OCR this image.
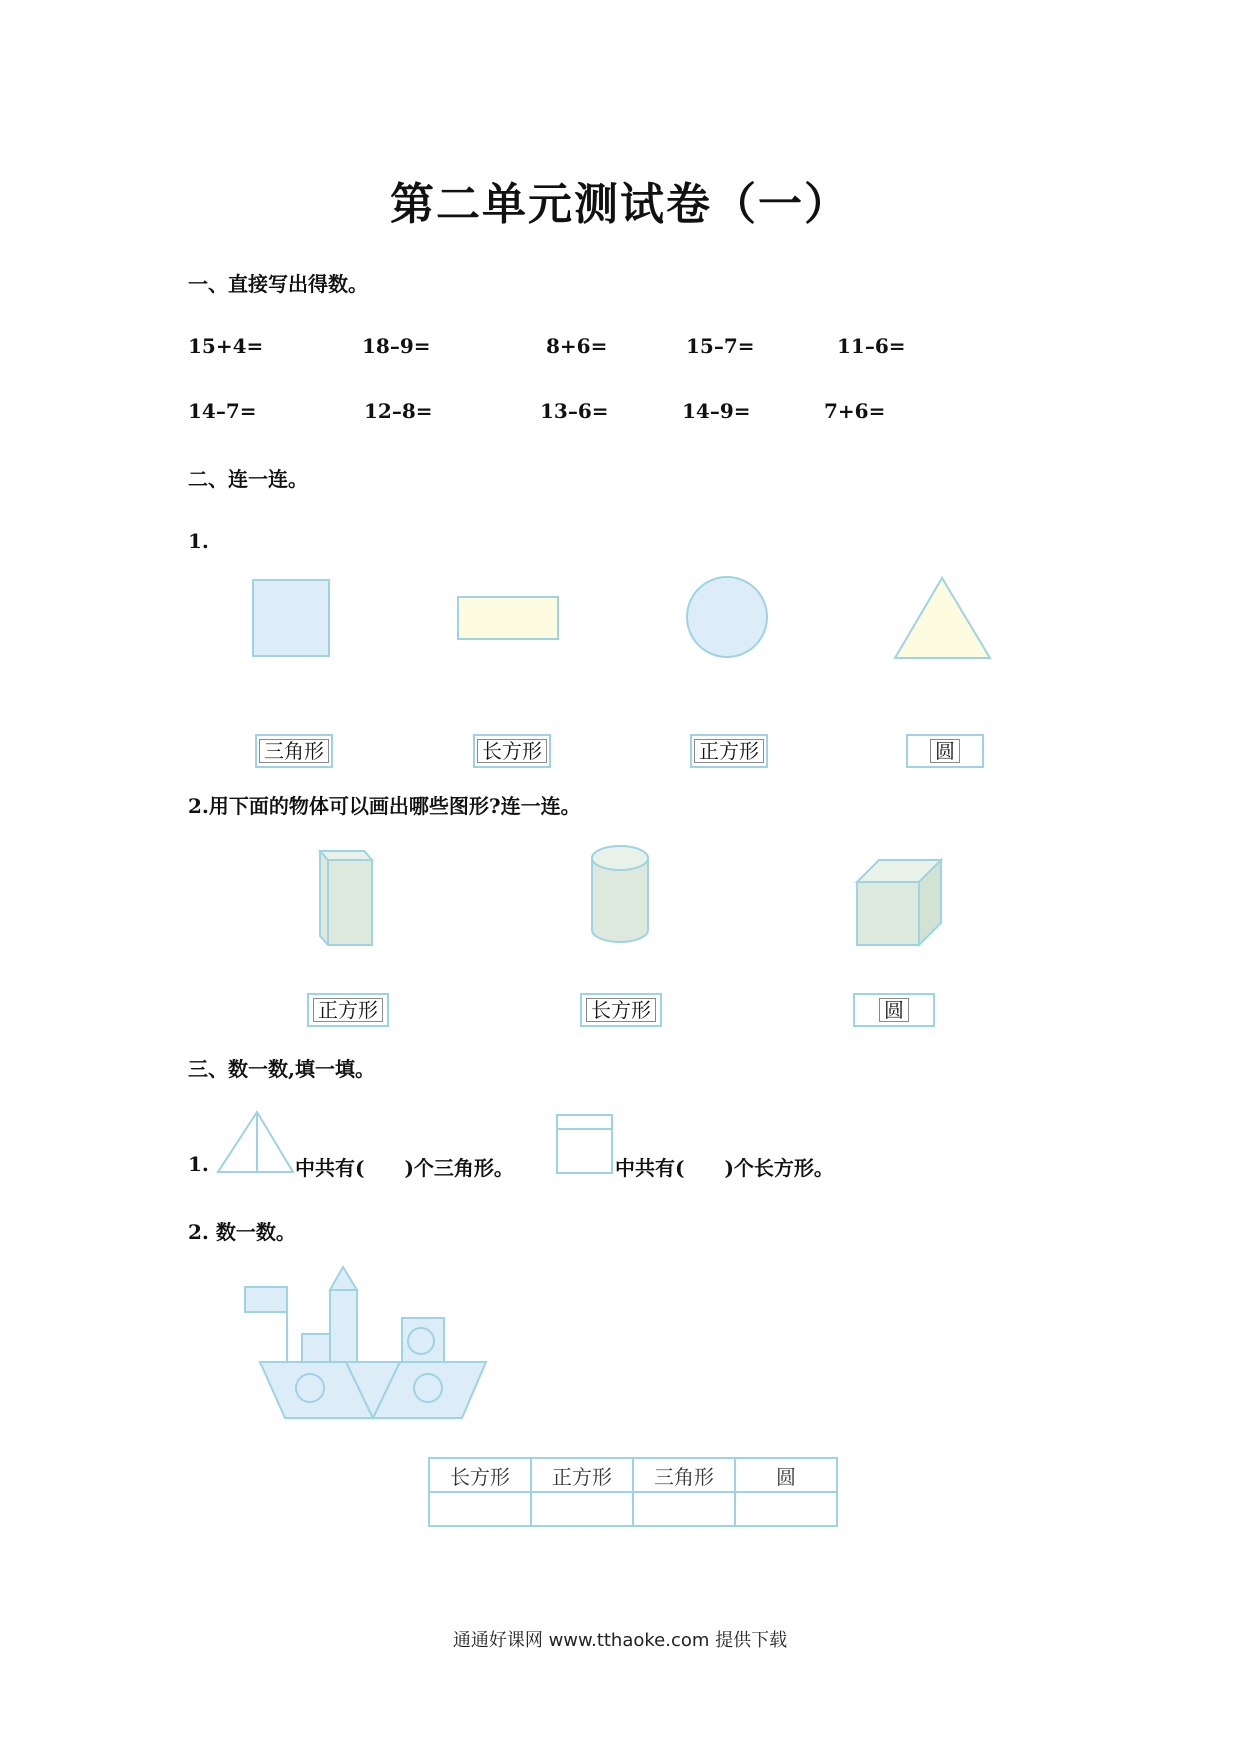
第二单元测试卷（一）
一、直接写出得数。
15+4=	18–9=	8+6=	15–7=	11–6=
14–7=	12–8=	13–6=	14–9=	7+6=
二、连一连。
1.
三角形	长方形	正方形	圆
2.用下面的物体可以画出哪些图形?连一连。
正方形	长方形	圆
三、数一数,填一填。
1.	中共有(　　)个三角形。	中共有(　　)个长方形。
2. 数一数。
长方形	正方形	三角形	圆

通通好课网 www.tthaoke.com 提供下载
